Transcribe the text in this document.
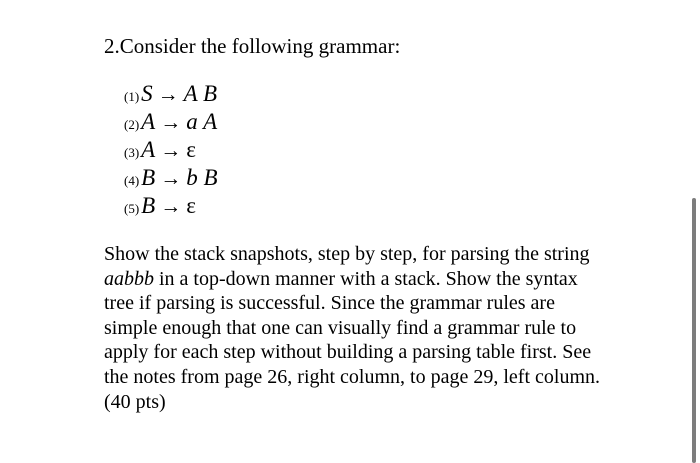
2.Consider the following grammar:
(1) S → A B
(2) A → a A
(3) A → ε
(4) B → b B
(5) B → ε
Show the stack snapshots, step by step, for parsing the string aabbb in a top-down manner with a stack. Show the syntax tree if parsing is successful. Since the grammar rules are simple enough that one can visually find a grammar rule to apply for each step without building a parsing table first. See the notes from page 26, right column, to page 29, left column.(40 pts)
